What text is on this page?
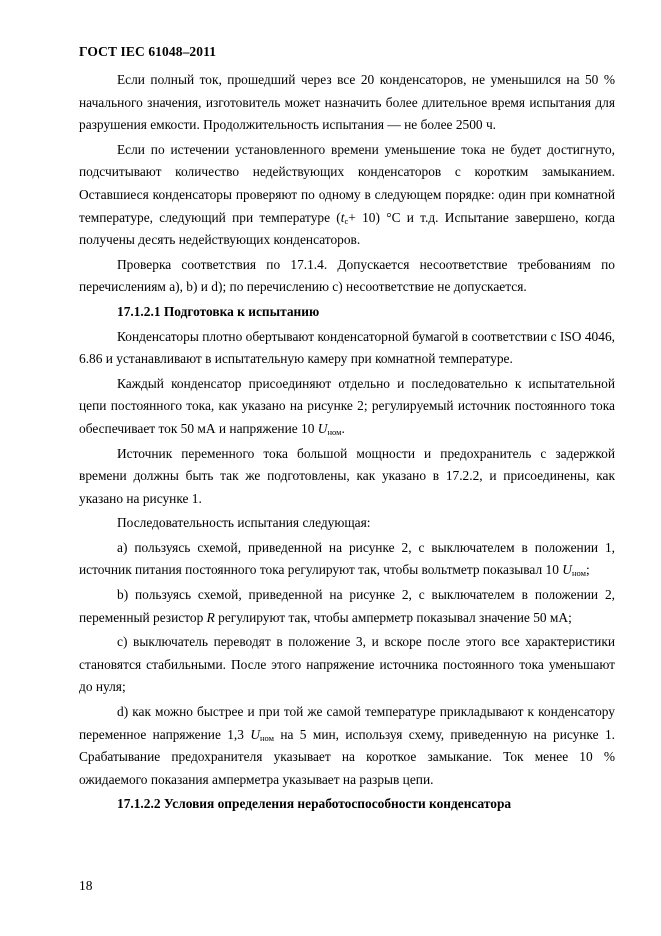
ГОСТ IEC 61048–2011

Если полный ток, прошедший через все 20 конденсаторов, не уменьшился на 50 % начального значения, изготовитель может назначить более длительное время испытания для разрушения емкости. Продолжительность испытания — не более 2500 ч.

Если по истечении установленного времени уменьшение тока не будет достигнуто, подсчитывают количество недействующих конденсаторов с коротким замыканием. Оставшиеся конденсаторы проверяют по одному в следующем порядке: один при комнатной температуре, следующий при температуре $(t_c+ 10)$ °С и т.д. Испытание завершено, когда получены десять недействующих конденсаторов.

Проверка соответствия по 17.1.4. Допускается несоответствие требованиям по перечислениям a), b) и d); по перечислению c) несоответствие не допускается.

17.1.2.1 Подготовка к испытанию

Конденсаторы плотно обертывают конденсаторной бумагой в соответствии с ISO 4046, 6.86 и устанавливают в испытательную камеру при комнатной температуре.

Каждый конденсатор присоединяют отдельно и последовательно к испытательной цепи постоянного тока, как указано на рисунке 2; регулируемый источник постоянного тока обеспечивает ток 50 мА и напряжение 10 $U_{ном}$.

Источник переменного тока большой мощности и предохранитель с задержкой времени должны быть так же подготовлены, как указано в 17.2.2, и присоединены, как указано на рисунке 1.

Последовательность испытания следующая:

a) пользуясь схемой, приведенной на рисунке 2, с выключателем в положении 1, источник питания постоянного тока регулируют так, чтобы вольтметр показывал 10 $U_{ном}$;

b) пользуясь схемой, приведенной на рисунке 2, с выключателем в положении 2, переменный резистор R регулируют так, чтобы амперметр показывал значение 50 мА;

c) выключатель переводят в положение 3, и вскоре после этого все характеристики становятся стабильными. После этого напряжение источника постоянного тока уменьшают до нуля;

d) как можно быстрее и при той же самой температуре прикладывают к конденсатору переменное напряжение 1,3 $U_{ном}$ на 5 мин, используя схему, приведенную на рисунке 1. Срабатывание предохранителя указывает на короткое замыкание. Ток менее 10 % ожидаемого показания амперметра указывает на разрыв цепи.

17.1.2.2 Условия определения неработоспособности конденсатора

18
